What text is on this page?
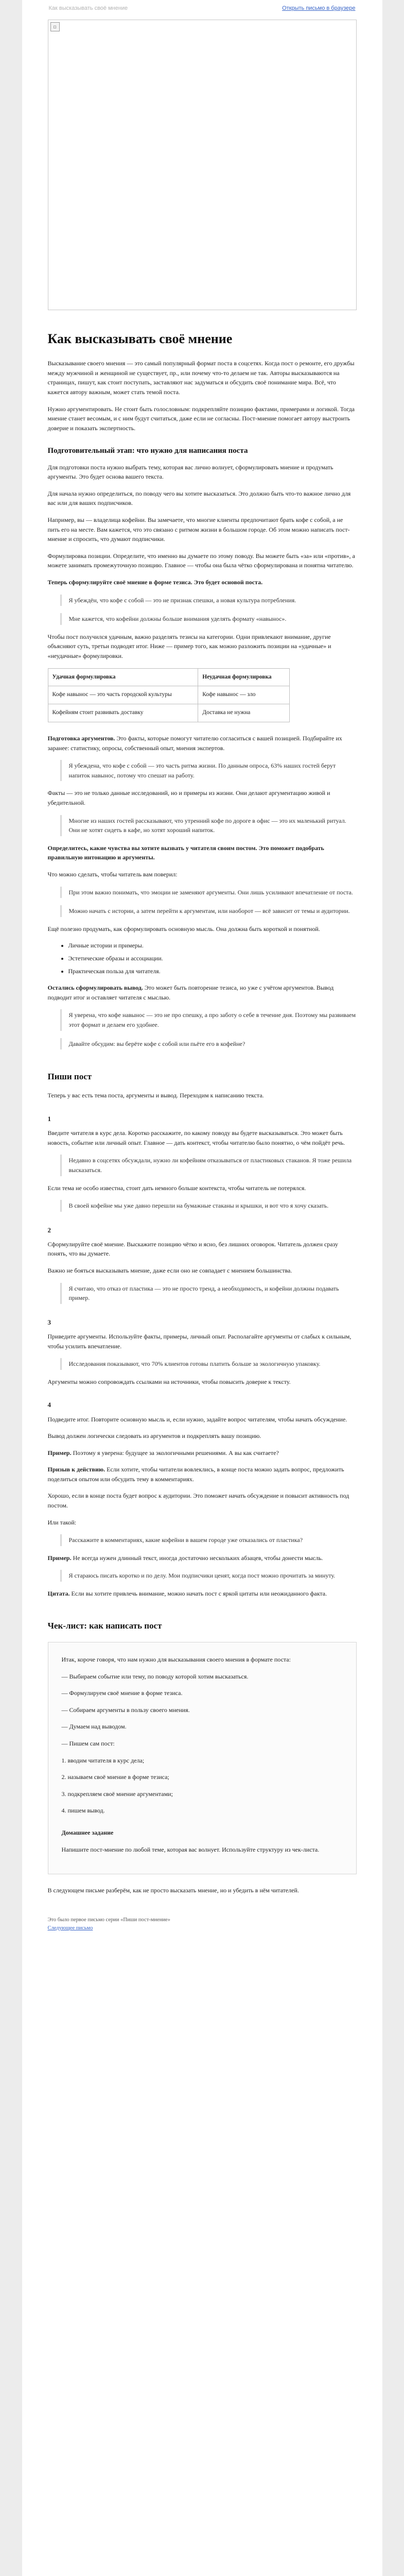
Как высказывать своё мнение	Открыть письмо в браузере
▫
Как высказывать своё мнение

Высказывание своего мнения — это самый популярный формат поста в соцсетях. Когда пост о ремонте, его дружбы между мужчиной и женщиной не существует, пр., или почему что-то делаем не так. Авторы высказываются на страницах, пишут, как стоит поступать, заставляют нас задуматься и обсудить своё понимание мира. Всё, что кажется автору важным, может стать темой поста.

Нужно аргументировать. Не стоит быть голословным: подкрепляйте позицию фактами, примерами и логикой. Тогда мнение станет весомым, и с ним будут считаться, даже если не согласны. Пост-мнение помогает автору выстроить доверие и показать экспертность.

Подготовительный этап: что нужно для написания поста

Для подготовки поста нужно выбрать тему, которая вас лично волнует, сформулировать мнение и продумать аргументы. Это будет основа вашего текста.

Для начала нужно определиться, по поводу чего вы хотите высказаться. Это должно быть что-то важное лично для вас или для ваших подписчиков.

Например, вы — владелица кофейни. Вы замечаете, что многие клиенты предпочитают брать кофе с собой, а не пить его на месте. Вам кажется, что это связано с ритмом жизни в большом городе. Об этом можно написать пост-мнение и спросить, что думают подписчики.

Формулировка позиции. Определите, что именно вы думаете по этому поводу. Вы можете быть «за» или «против», а можете занимать промежуточную позицию. Главное — чтобы она была чётко сформулирована и понятна читателю.

Теперь сформулируйте своё мнение в форме тезиса. Это будет основой поста.

Я убеждён, что кофе с собой — это не признак спешки, а новая культура потребления.
Мне кажется, что кофейни должны больше внимания уделять формату «навынос».

Чтобы пост получился удачным, важно разделять тезисы на категории. Одни привлекают внимание, другие объясняют суть, третьи подводят итог. Ниже — пример того, как можно разложить позиции на «удачные» и «неудачные» формулировки.

Удачная формулировка	Неудачная формулировка
Кофе навынос — это часть городской культуры	Кофе навынос — зло
Кофейням стоит развивать доставку	Доставка не нужна

Подготовка аргументов. Это факты, которые помогут читателю согласиться с вашей позицией. Подбирайте их заранее: статистику, опросы, собственный опыт, мнения экспертов.

Я убеждена, что кофе с собой — это часть ритма жизни. По данным опроса, 63% наших гостей берут напиток навынос, потому что спешат на работу.

Факты — это не только данные исследований, но и примеры из жизни. Они делают аргументацию живой и убедительной.

Многие из наших гостей рассказывают, что утренний кофе по дороге в офис — это их маленький ритуал. Они не хотят сидеть в кафе, но хотят хороший напиток.

Определитесь, какие чувства вы хотите вызвать у читателя своим постом. Это поможет подобрать правильную интонацию и аргументы.

Что можно сделать, чтобы читатель вам поверил:

При этом важно понимать, что эмоции не заменяют аргументы. Они лишь усиливают впечатление от поста.
Можно начать с истории, а затем перейти к аргументам, или наоборот — всё зависит от темы и аудитории.

Ещё полезно продумать, как сформулировать основную мысль. Она должна быть короткой и понятной.

• Личные истории и примеры.
• Эстетические образы и ассоциации.
• Практическая польза для читателя.

Остались сформулировать вывод. Это может быть повторение тезиса, но уже с учётом аргументов. Вывод подводит итог и оставляет читателя с мыслью.

Я уверена, что кофе навынос — это не про спешку, а про заботу о себе в течение дня. Поэтому мы развиваем этот формат и делаем его удобнее.
Давайте обсудим: вы берёте кофе с собой или пьёте его в кофейне?
Пиши пост

Теперь у вас есть тема поста, аргументы и вывод. Переходим к написанию текста.

1

Введите читателя в курс дела. Коротко расскажите, по какому поводу вы будете высказываться. Это может быть новость, событие или личный опыт. Главное — дать контекст, чтобы читателю было понятно, о чём пойдёт речь.

Недавно в соцсетях обсуждали, нужно ли кофейням отказываться от пластиковых стаканов. Я тоже решила высказаться.

Если тема не особо известна, стоит дать немного больше контекста, чтобы читатель не потерялся.

В своей кофейне мы уже давно перешли на бумажные стаканы и крышки, и вот что я хочу сказать.
2

Сформулируйте своё мнение. Выскажите позицию чётко и ясно, без лишних оговорок. Читатель должен сразу понять, что вы думаете.

Важно не бояться высказывать мнение, даже если оно не совпадает с мнением большинства.

Я считаю, что отказ от пластика — это не просто тренд, а необходимость, и кофейни должны подавать пример.
3

Приведите аргументы. Используйте факты, примеры, личный опыт. Располагайте аргументы от слабых к сильным, чтобы усилить впечатление.

Исследования показывают, что 70% клиентов готовы платить больше за экологичную упаковку.

Аргументы можно сопровождать ссылками на источники, чтобы повысить доверие к тексту.

4

Подведите итог. Повторите основную мысль и, если нужно, задайте вопрос читателям, чтобы начать обсуждение.

Вывод должен логически следовать из аргументов и подкреплять вашу позицию.

Пример. Поэтому я уверена: будущее за экологичными решениями. А вы как считаете?

Призыв к действию. Если хотите, чтобы читатели вовлеклись, в конце поста можно задать вопрос, предложить поделиться опытом или обсудить тему в комментариях.

Хорошо, если в конце поста будет вопрос к аудитории. Это поможет начать обсуждение и повысит активность под постом.

Или такой:

Расскажите в комментариях, какие кофейни в вашем городе уже отказались от пластика?

Пример. Не всегда нужен длинный текст, иногда достаточно нескольких абзацев, чтобы донести мысль.

Я стараюсь писать коротко и по делу. Мои подписчики ценят, когда пост можно прочитать за минуту.

Цитата. Если вы хотите привлечь внимание, можно начать пост с яркой цитаты или неожиданного факта.

Чек-лист: как написать пост

Итак, короче говоря, что нам нужно для высказывания своего мнения в формате поста:

— Выбираем событие или тему, по поводу которой хотим высказаться.

— Формулируем своё мнение в форме тезиса.

— Собираем аргументы в пользу своего мнения.

— Думаем над выводом.

— Пишем сам пост:

1. вводим читателя в курс дела;

2. называем своё мнение в форме тезиса;

3. подкрепляем своё мнение аргументами;

4. пишем вывод.

Домашнее задание

Напишите пост-мнение по любой теме, которая вас волнует. Используйте структуру из чек-листа.

В следующем письме разберём, как не просто высказать мнение, но и убедить в нём читателей.

Это было первое письмо серии «Пиши пост-мнение»
Следующее письмо
